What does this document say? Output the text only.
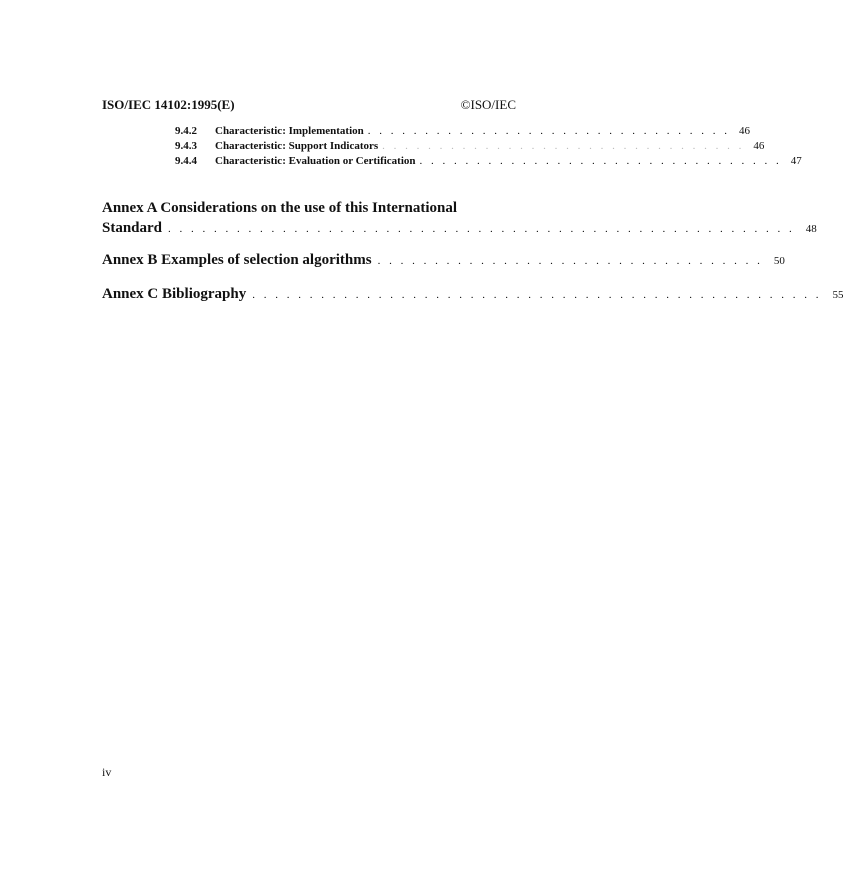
ISO/IEC 14102:1995(E)	©ISO/IEC
9.4.2	Characteristic: Implementation . . . . . . . . . . . . . . . . . . . . . . . . . . . . . . . . 46
9.4.3	Characteristic: Support Indicators . . . . . . . . . . . . . . . . . . . . . . . . . . . . . . . . 46
9.4.4	Characteristic: Evaluation or Certification . . . . . . . . . . . . . . . . . . . . . . . . . . . . . . . . 47
Annex A Considerations on the use of this International
Standard . . . . . . . . . . . . . . . . . . . . . . . . . . . . . . . . . . . . . . . . . . . . . . . . . . . . . . .	48
Annex B Examples of selection algorithms . . . . . . . . . . . . . . . . . . . . . . . . . . . . . . . . . .	50
Annex C Bibliography . . . . . . . . . . . . . . . . . . . . . . . . . . . . . . . . . . . . . . . . . . . . . . . . . .	55
iv
